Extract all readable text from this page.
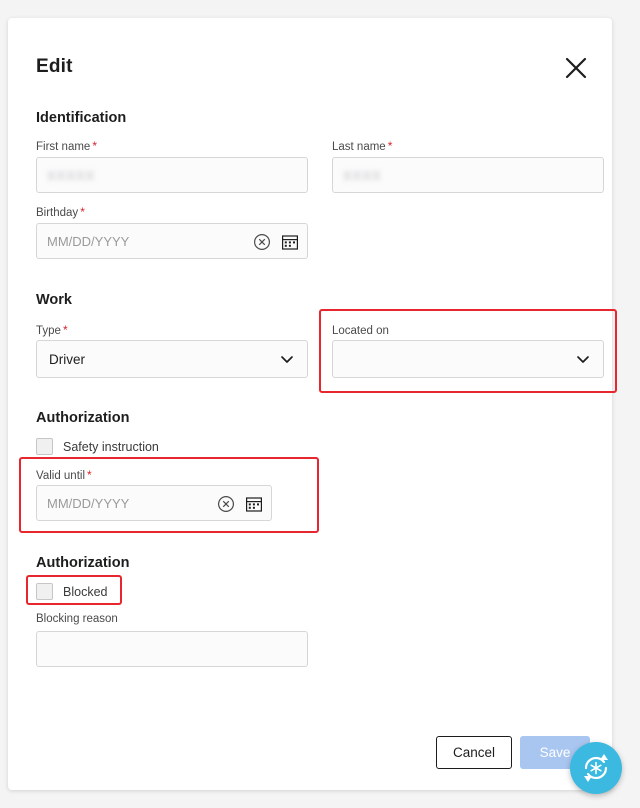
Edit
Identification
First name *
XXXXX
Last name *
XXXX
Birthday *
MM/DD/YYYY
Work
Type *
Driver
Located on
Authorization
Safety instruction
Valid until *
MM/DD/YYYY
Authorization
Blocked
Blocking reason
Cancel	Save
